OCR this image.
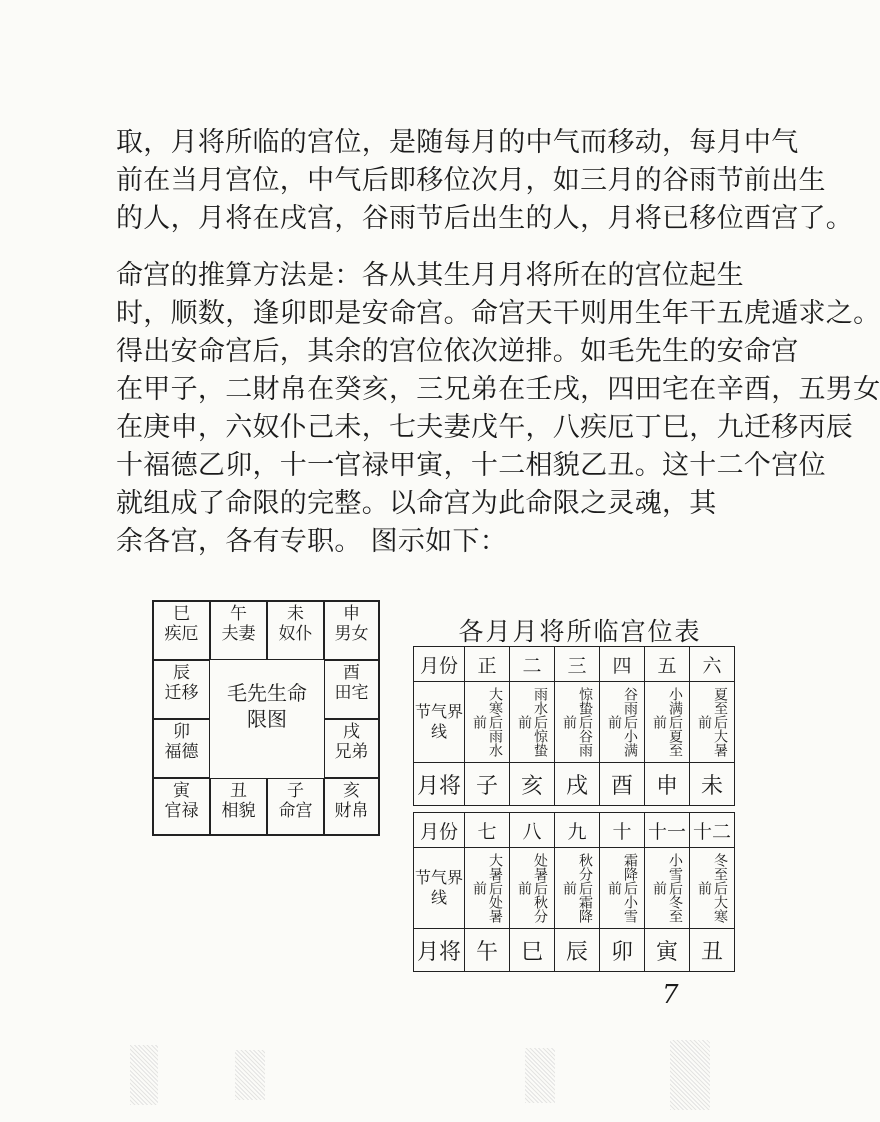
取，月将所临的宫位，是随每月的中气而移动，每月中气
前在当月宫位，中气后即移位次月，如三月的谷雨节前出生
的人，月将在戌宫，谷雨节后出生的人，月将已移位酉宫了。
命宫的推算方法是：各从其生月月将所在的宫位起生
时，顺数，逢卯即是安命宫。命宫天干则用生年干五虎遁求之。
得出安命宫后，其余的宫位依次逆排。如毛先生的安命宫
在甲子，二財帛在癸亥，三兄弟在壬戌，四田宅在辛酉，五男女
在庚申，六奴仆己未，七夫妻戊午，八疾厄丁巳，九迁移丙辰
十福德乙卯，十一官禄甲寅，十二相貌乙丑。这十二个宫位
就组成了命限的完整。以命宫为此命限之灵魂，其
余各宫，各有专职。 图示如下：
巳
疾厄
午
夫妻
未
奴仆
申
男女
辰
迁移
酉
田宅
毛先生命
限图
卯
福德
戌
兄弟
寅
官禄
丑
相貌
子
命宫
亥
财帛
各月月将所临宫位表
月份	正	二	三	四	五	六
节气界线	大寒后雨水前	雨水后惊蛰前	惊蛰后谷雨前	谷雨后小满前	小满后夏至前	夏至后大暑前
月将	子	亥	戌	酉	申	未

月份	七	八	九	十	十一	十二
节气界线	大暑后处暑前	处暑后秋分前	秋分后霜降前	霜降后小雪前	小雪后冬至前	冬至后大寒前
月将	午	巳	辰	卯	寅	丑
7
